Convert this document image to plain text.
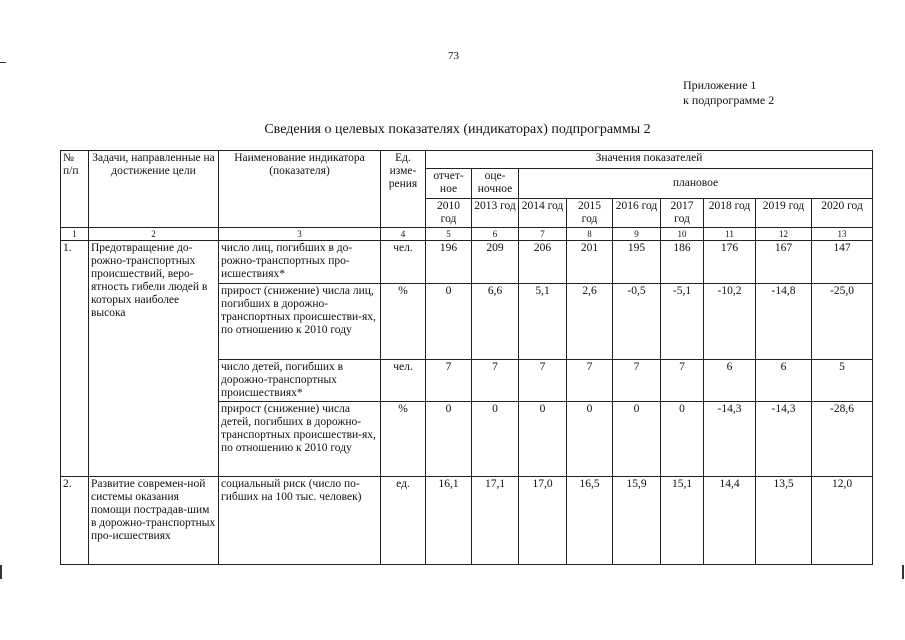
73
Приложение 1
к подпрограмме 2
Сведения о целевых показателях (индикаторах) подпрограммы 2
№ п/п	Задачи, направленные на достижение цели	Наименование индикатора (показателя)	Ед. изме-рения	Значения показателей								
				отчет-ное	оце-ночное	плановое						
				2010 год	2013 год	2014 год	2015 год	2016 год	2017 год	2018 год	2019 год	2020 год
1	2	3	4	5	6	7	8	9	10	11	12	13
1.	Предотвращение до-рожно-транспортных происшествий, веро-ятность гибели людей в которых наиболее высока	число лиц, погибших в до-рожно-транспортных про-исшествиях*	чел.	196	209	206	201	195	186	176	167	147
		прирост (снижение) числа лиц, погибших в дорожно-транспортных происшестви-ях, по отношению к 2010 году	%	0	6,6	5,1	2,6	-0,5	-5,1	-10,2	-14,8	-25,0
		число детей, погибших в дорожно-транспортных происшествиях*	чел.	7	7	7	7	7	7	6	6	5
		прирост (снижение) числа детей, погибших в дорожно-транспортных происшестви-ях, по отношению к 2010 году	%	0	0	0	0	0	0	-14,3	-14,3	-28,6
2.	Развитие современ-ной системы оказания помощи пострадав-шим в дорожно-транспортных про-исшествиях	социальный риск (число по-гибших на 100 тыс. человек)	ед.	16,1	17,1	17,0	16,5	15,9	15,1	14,4	13,5	12,0
